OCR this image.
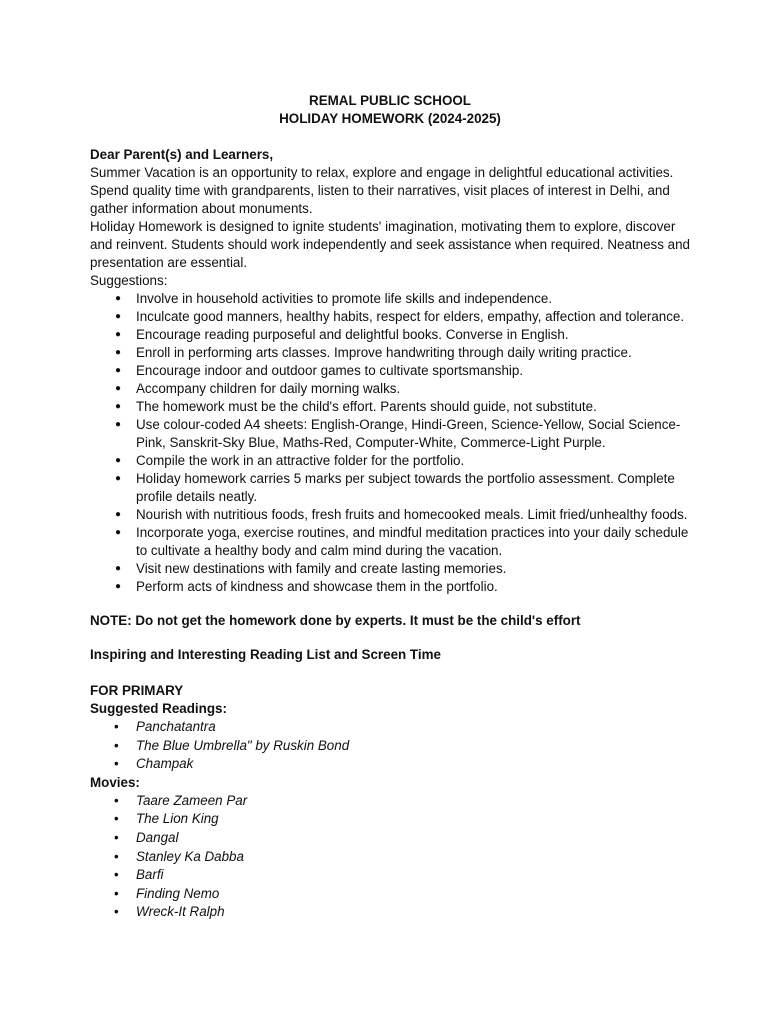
REMAL PUBLIC SCHOOL
HOLIDAY HOMEWORK (2024-2025)
Dear Parent(s) and Learners,

Summer Vacation is an opportunity to relax, explore and engage in delightful educational activities. Spend quality time with grandparents, listen to their narratives, visit places of interest in Delhi, and gather information about monuments.

Holiday Homework is designed to ignite students' imagination, motivating them to explore, discover and reinvent. Students should work independently and seek assistance when required. Neatness and presentation are essential.

Suggestions:
● Involve in household activities to promote life skills and independence.
● Inculcate good manners, healthy habits, respect for elders, empathy, affection and tolerance.
● Encourage reading purposeful and delightful books. Converse in English.
● Enroll in performing arts classes. Improve handwriting through daily writing practice.
● Encourage indoor and outdoor games to cultivate sportsmanship.
● Accompany children for daily morning walks.
● The homework must be the child's effort. Parents should guide, not substitute.
● Use colour-coded A4 sheets: English-Orange, Hindi-Green, Science-Yellow, Social Science-Pink, Sanskrit-Sky Blue, Maths-Red, Computer-White, Commerce-Light Purple.
● Compile the work in an attractive folder for the portfolio.
● Holiday homework carries 5 marks per subject towards the portfolio assessment. Complete profile details neatly.
● Nourish with nutritious foods, fresh fruits and homecooked meals. Limit fried/unhealthy foods.
● Incorporate yoga, exercise routines, and mindful meditation practices into your daily schedule to cultivate a healthy body and calm mind during the vacation.
● Visit new destinations with family and create lasting memories.
● Perform acts of kindness and showcase them in the portfolio.
NOTE: Do not get the homework done by experts. It must be the child's effort
Inspiring and Interesting Reading List and Screen Time
FOR PRIMARY
Suggested Readings:
• Panchatantra
• The Blue Umbrella" by Ruskin Bond
• Champak
Movies:
• Taare Zameen Par
• The Lion King
• Dangal
• Stanley Ka Dabba
• Barfi
• Finding Nemo
• Wreck-It Ralph
